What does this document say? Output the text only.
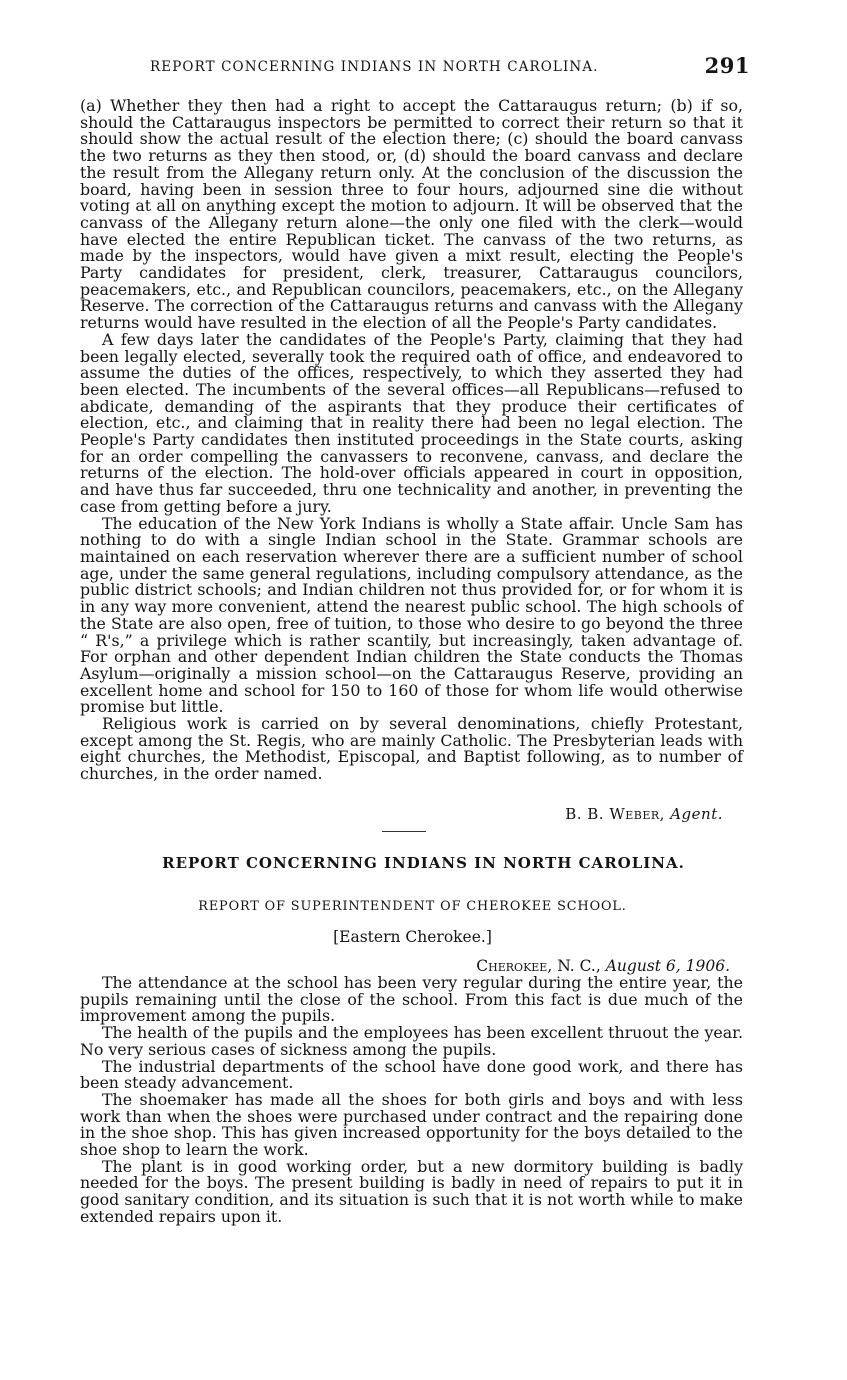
REPORT CONCERNING INDIANS IN NORTH CAROLINA.	291

(a) Whether they then had a right to accept the Cattaraugus return; (b) if so, should the Cattaraugus inspectors be permitted to correct their return so that it should show the actual result of the election there; (c) should the board canvass the two returns as they then stood, or, (d) should the board canvass and declare the result from the Allegany return only. At the conclusion of the discussion the board, having been in session three to four hours, adjourned sine die without voting at all on anything except the motion to adjourn. It will be observed that the canvass of the Allegany return alone—the only one filed with the clerk—would have elected the entire Republican ticket. The canvass of the two returns, as made by the inspectors, would have given a mixt result, electing the People's Party candidates for president, clerk, treasurer, Cattaraugus councilors, peacemakers, etc., and Republican councilors, peacemakers, etc., on the Allegany Reserve. The correction of the Cattaraugus returns and canvass with the Allegany returns would have resulted in the election of all the People's Party candidates.

A few days later the candidates of the People's Party, claiming that they had been legally elected, severally took the required oath of office, and endeavored to assume the duties of the offices, respectively, to which they asserted they had been elected. The incumbents of the several offices—all Republicans—refused to abdicate, demanding of the aspirants that they produce their certificates of election, etc., and claiming that in reality there had been no legal election. The People's Party candidates then instituted proceedings in the State courts, asking for an order compelling the canvassers to reconvene, canvass, and declare the returns of the election. The hold-over officials appeared in court in opposition, and have thus far succeeded, thru one technicality and another, in preventing the case from getting before a jury.

The education of the New York Indians is wholly a State affair. Uncle Sam has nothing to do with a single Indian school in the State. Grammar schools are maintained on each reservation wherever there are a sufficient number of school age, under the same general regulations, including compulsory attendance, as the public district schools; and Indian children not thus provided for, or for whom it is in any way more convenient, attend the nearest public school. The high schools of the State are also open, free of tuition, to those who desire to go beyond the three “ R's,” a privilege which is rather scantily, but increasingly, taken advantage of. For orphan and other dependent Indian children the State conducts the Thomas Asylum—originally a mission school—on the Cattaraugus Reserve, providing an excellent home and school for 150 to 160 of those for whom life would otherwise promise but little.

Religious work is carried on by several denominations, chiefly Protestant, except among the St. Regis, who are mainly Catholic. The Presbyterian leads with eight churches, the Methodist, Episcopal, and Baptist following, as to number of churches, in the order named.

B. B. Weber, Agent.
REPORT CONCERNING INDIANS IN NORTH CAROLINA.
REPORT OF SUPERINTENDENT OF CHEROKEE SCHOOL.
[Eastern Cherokee.]
Cherokee, N. C., August 6, 1906.

The attendance at the school has been very regular during the entire year, the pupils remaining until the close of the school. From this fact is due much of the improvement among the pupils.

The health of the pupils and the employees has been excellent thruout the year. No very serious cases of sickness among the pupils.

The industrial departments of the school have done good work, and there has been steady advancement.

The shoemaker has made all the shoes for both girls and boys and with less work than when the shoes were purchased under contract and the repairing done in the shoe shop. This has given increased opportunity for the boys detailed to the shoe shop to learn the work.

The plant is in good working order, but a new dormitory building is badly needed for the boys. The present building is badly in need of repairs to put it in good sanitary condition, and its situation is such that it is not worth while to make extended repairs upon it.
